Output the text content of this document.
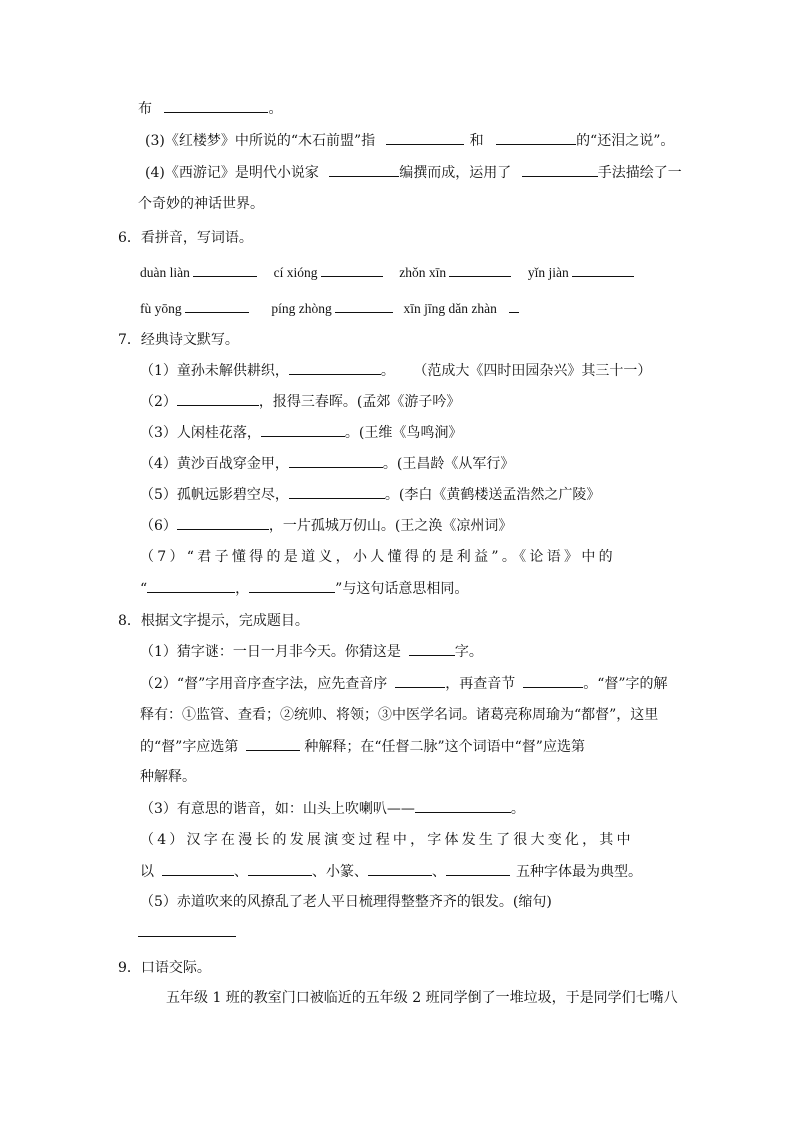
布	。
(3)《红楼梦》中所说的“木石前盟”指	和	的“还泪之说”。
(4)《西游记》是明代小说家	编撰而成，运用了	手法描绘了一
个奇妙的神话世界。
6．看拼音，写词语。
duàn liàn	cí xióng	zhǒn xīn	yǐn jiàn
fù yōng	píng zhòng	xīn jīng dǎn zhàn
7．经典诗文默写。
（1）童孙未解供耕织，	。 （范成大《四时田园杂兴》其三十一）
（2）	，报得三春晖。(孟郊《游子吟》
（3）人闲桂花落，	。(王维《鸟鸣涧》
（4）黄沙百战穿金甲，	。(王昌龄《从军行》
（5）孤帆远影碧空尽，	。(李白《黄鹤楼送孟浩然之广陵》
（6）	，一片孤城万仞山。(王之涣《凉州词》
（7）“君子懂得的是道义，小人懂得的是利益”。《论语》中的
“	，	”与这句话意思相同。
8．根据文字提示，完成题目。
（1）猜字谜：一日一月非今天。你猜这是	字。
（2）“督”字用音序查字法，应先查音序	，再查音节	。“督”字的解
释有：①监管、查看；②统帅、将领；③中医学名词。诸葛亮称周瑜为“都督”，这里
的“督”字应选第	种解释；在“任督二脉”这个词语中“督”应选第
种解释。
（3）有意思的谐音，如：山头上吹喇叭——	。
（4）汉字在漫长的发展演变过程中，字体发生了很大变化，其中
以	、	、小篆、	、	五种字体最为典型。
（5）赤道吹来的风撩乱了老人平日梳理得整整齐齐的银发。(缩句)
9．口语交际。
五年级 1 班的教室门口被临近的五年级 2 班同学倒了一堆垃圾，于是同学们七嘴八
